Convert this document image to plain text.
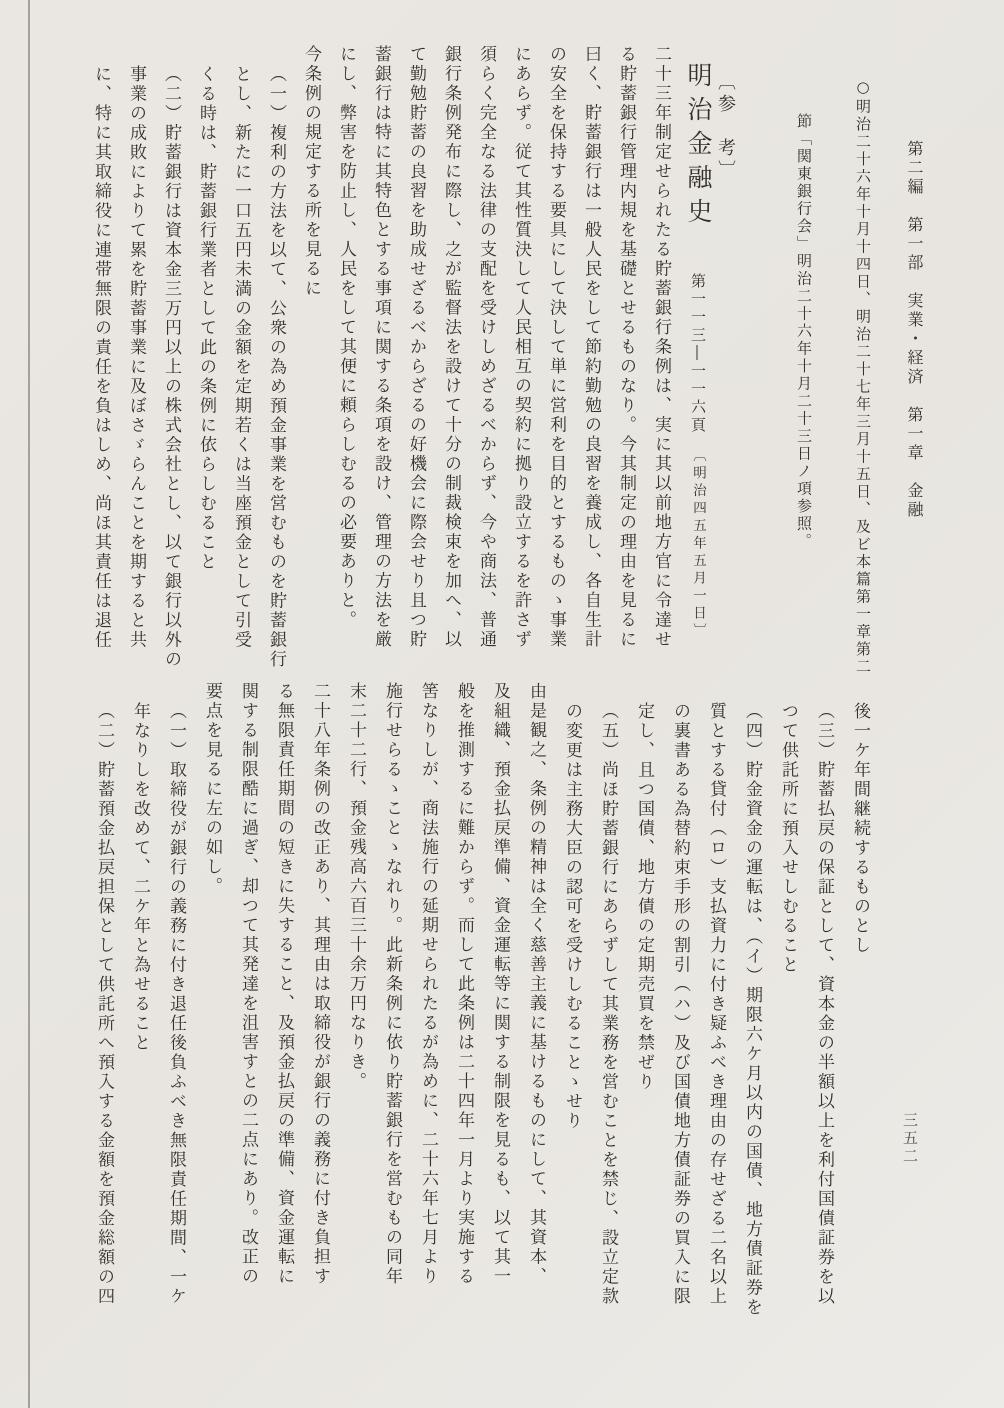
第二編　第一部　実業・経済　第一章　金融

○明治二十六年十月十四日、明治二十七年三月十五日、及ビ本篇第一章第二

節「関東銀行会」明治二十六年十月二十三日ノ項参照。

〔参　考〕
明治金融史 第一一三―一一六頁 〔明治四五年五月一日〕

二十三年制定せられたる貯蓄銀行条例は、実に其以前地方官に令達せ

る貯蓄銀行管理内規を基礎とせるものなり。今其制定の理由を見るに

曰く、貯蓄銀行は一般人民をして節約勤勉の良習を養成し、各自生計

の安全を保持する要具にして決して単に営利を目的とするものゝ事業

にあらず。従て其性質決して人民相互の契約に拠り設立するを許さず

須らく完全なる法律の支配を受けしめざるべからず、今や商法、普通

銀行条例発布に際し、之が監督法を設けて十分の制裁検束を加へ、以

て勤勉貯蓄の良習を助成せざるべからざるの好機会に際会せり且つ貯

蓄銀行は特に其特色とする事項に関する条項を設け、管理の方法を厳

にし、弊害を防止し、人民をして其便に頼らしむるの必要ありと。

今条例の規定する所を見るに

（一）複利の方法を以て、公衆の為め預金事業を営むものを貯蓄銀行

とし、新たに一口五円未満の金額を定期若くは当座預金として引受

くる時は、貯蓄銀行業者として此の条例に依らしむること

（二）貯蓄銀行は資本金三万円以上の株式会社とし、以て銀行以外の

事業の成敗によりて累を貯蓄事業に及ぼさゞらんことを期すると共

に、特に其取締役に連帯無限の責任を負はしめ、尚ほ其責任は退任

後一ケ年間継続するものとし

（三）貯蓄払戻の保証として、資本金の半額以上を利付国債証券を以

つて供託所に預入せしむること

（四）貯金資金の運転は、（イ）期限六ケ月以内の国債、地方債証券を

質とする貸付（ロ）支払資力に付き疑ふべき理由の存せざる二名以上

の裏書ある為替約束手形の割引（ハ）及び国債地方債証券の買入に限

定し、且つ国債、地方債の定期売買を禁ぜり

（五）尚ほ貯蓄銀行にあらずして其業務を営むことを禁じ、設立定款

の変更は主務大臣の認可を受けしむることゝせり

由是観之、条例の精神は全く慈善主義に基けるものにして、其資本、

及組織、預金払戻準備、資金運転等に関する制限を見るも、以て其一

般を推測するに難からず。而して此条例は二十四年一月より実施する

筈なりしが、商法施行の延期せられたるが為めに、二十六年七月より

施行せらるゝことゝなれり。此新条例に依り貯蓄銀行を営むもの同年

末二十二行、預金残高六百三十余万円なりき。

二十八年条例の改正あり、其理由は取締役が銀行の義務に付き負担す

る無限責任期間の短きに失すること、及預金払戻の準備、資金運転に

関する制限酷に過ぎ、却つて其発達を沮害すとの二点にあり。改正の

要点を見るに左の如し。

（一）取締役が銀行の義務に付き退任後負ふべき無限責任期間、一ケ

年なりしを改めて、二ケ年と為せること

（二）貯蓄預金払戻担保として供託所へ預入する金額を預金総額の四	三五二
